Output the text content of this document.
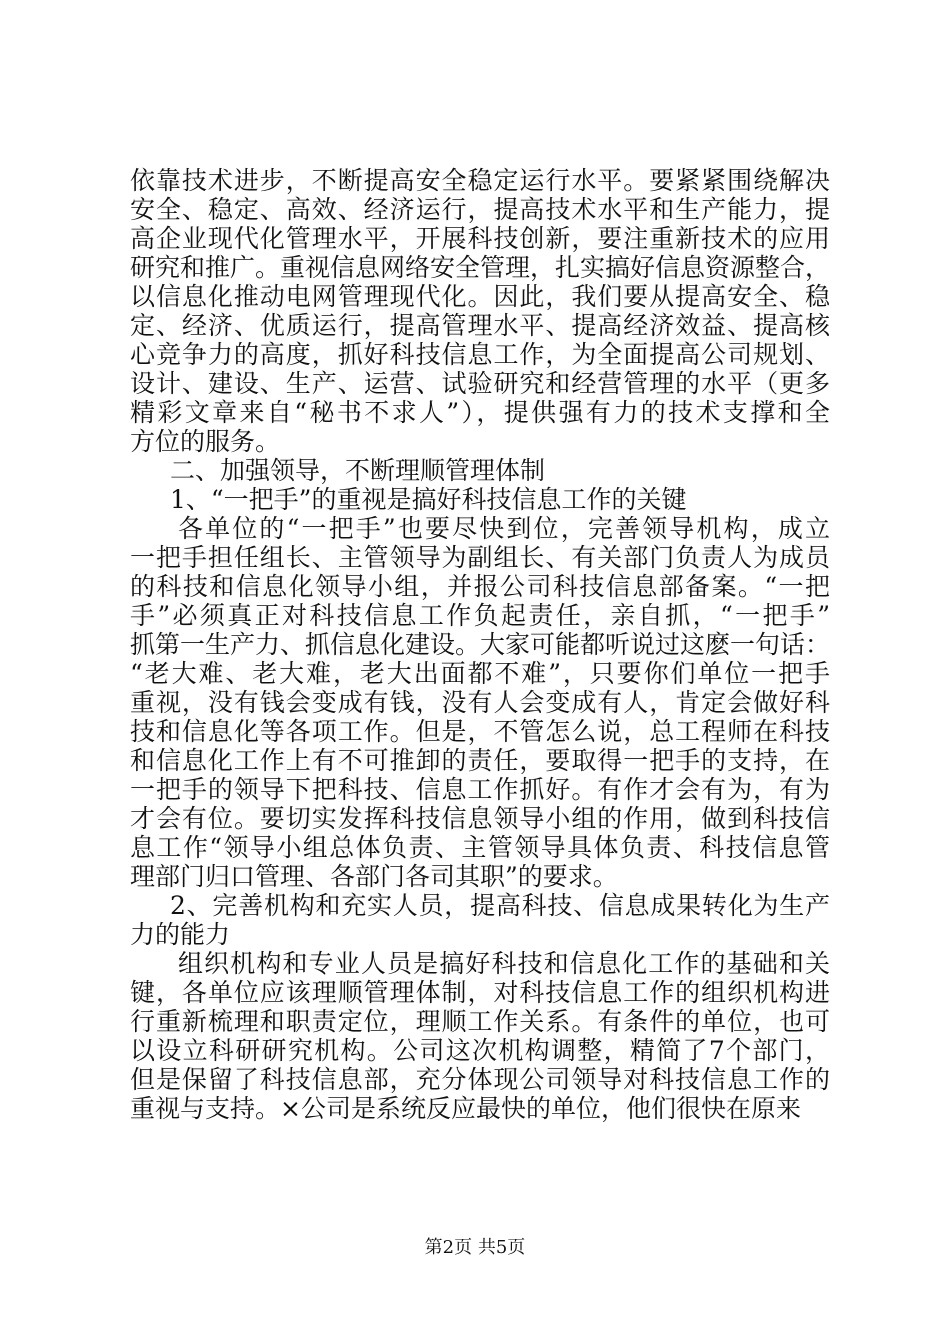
依靠技术进步，不断提高安全稳定运行水平。要紧紧围绕解决
安全、稳定、高效、经济运行，提高技术水平和生产能力，提
高企业现代化管理水平，开展科技创新，要注重新技术的应用
研究和推广。重视信息网络安全管理，扎实搞好信息资源整合，
以信息化推动电网管理现代化。因此，我们要从提高安全、稳
定、经济、优质运行，提高管理水平、提高经济效益、提高核
心竞争力的高度，抓好科技信息工作，为全面提高公司规划、
设计、建设、生产、运营、试验研究和经营管理的水平（更多
精彩文章来自“秘书不求人”），提供强有力的技术支撑和全
方位的服务。
二、加强领导，不断理顺管理体制
1、“一把手”的重视是搞好科技信息工作的关键
各单位的“一把手”也要尽快到位，完善领导机构，成立
一把手担任组长、主管领导为副组长、有关部门负责人为成员
的科技和信息化领导小组，并报公司科技信息部备案。“一把
手”必须真正对科技信息工作负起责任，亲自抓，“一把手”
抓第一生产力、抓信息化建设。大家可能都听说过这麽一句话：
“老大难、老大难，老大出面都不难”，只要你们单位一把手
重视，没有钱会变成有钱，没有人会变成有人，肯定会做好科
技和信息化等各项工作。但是，不管怎么说，总工程师在科技
和信息化工作上有不可推卸的责任，要取得一把手的支持，在
一把手的领导下把科技、信息工作抓好。有作才会有为，有为
才会有位。要切实发挥科技信息领导小组的作用，做到科技信
息工作“领导小组总体负责、主管领导具体负责、科技信息管
理部门归口管理、各部门各司其职”的要求。
2、完善机构和充实人员，提高科技、信息成果转化为生产
力的能力
组织机构和专业人员是搞好科技和信息化工作的基础和关
键，各单位应该理顺管理体制，对科技信息工作的组织机构进
行重新梳理和职责定位，理顺工作关系。有条件的单位，也可
以设立科研研究机构。公司这次机构调整，精简了7个部门，
但是保留了科技信息部，充分体现公司领导对科技信息工作的
重视与支持。×公司是系统反应最快的单位，他们很快在原来
第2页 共5页
